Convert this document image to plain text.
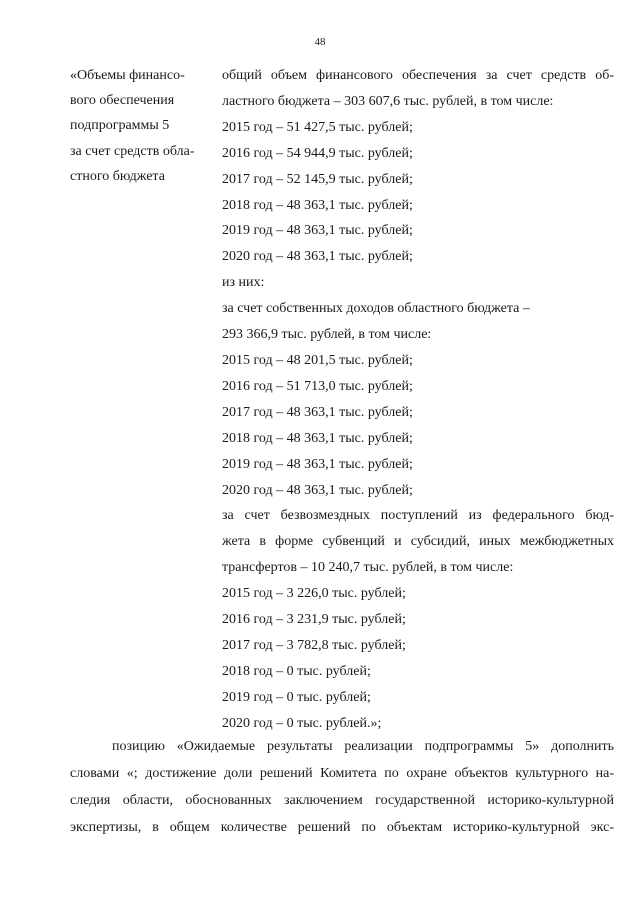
48
«Объемы финансо-
вого обеспечения
подпрограммы 5
за счет средств обла-
стного бюджета
общий объем финансового обеспечения за счет средств об-
ластного бюджета – 303 607,6 тыс. рублей, в том числе:
2015 год – 51 427,5 тыс. рублей;
2016 год – 54 944,9 тыс. рублей;
2017 год – 52 145,9 тыс. рублей;
2018 год – 48 363,1 тыс. рублей;
2019 год – 48 363,1 тыс. рублей;
2020 год – 48 363,1 тыс. рублей;
из них:
за счет собственных доходов областного бюджета –
293 366,9 тыс. рублей, в том числе:
2015 год – 48 201,5 тыс. рублей;
2016 год – 51 713,0 тыс. рублей;
2017 год – 48 363,1 тыс. рублей;
2018 год – 48 363,1 тыс. рублей;
2019 год – 48 363,1 тыс. рублей;
2020 год – 48 363,1 тыс. рублей;
за счет безвозмездных поступлений из федерального бюд-
жета в форме субвенций и субсидий, иных межбюджетных
трансфертов – 10 240,7 тыс. рублей, в том числе:
2015 год – 3 226,0 тыс. рублей;
2016 год – 3 231,9 тыс. рублей;
2017 год – 3 782,8 тыс. рублей;
2018 год – 0 тыс. рублей;
2019 год – 0 тыс. рублей;
2020 год – 0 тыс. рублей.»;
позицию «Ожидаемые результаты реализации подпрограммы 5» дополнить
словами «; достижение доли решений Комитета по охране объектов культурного на-
следия области, обоснованных заключением государственной историко-культурной
экспертизы, в общем количестве решений по объектам историко-культурной экс-
